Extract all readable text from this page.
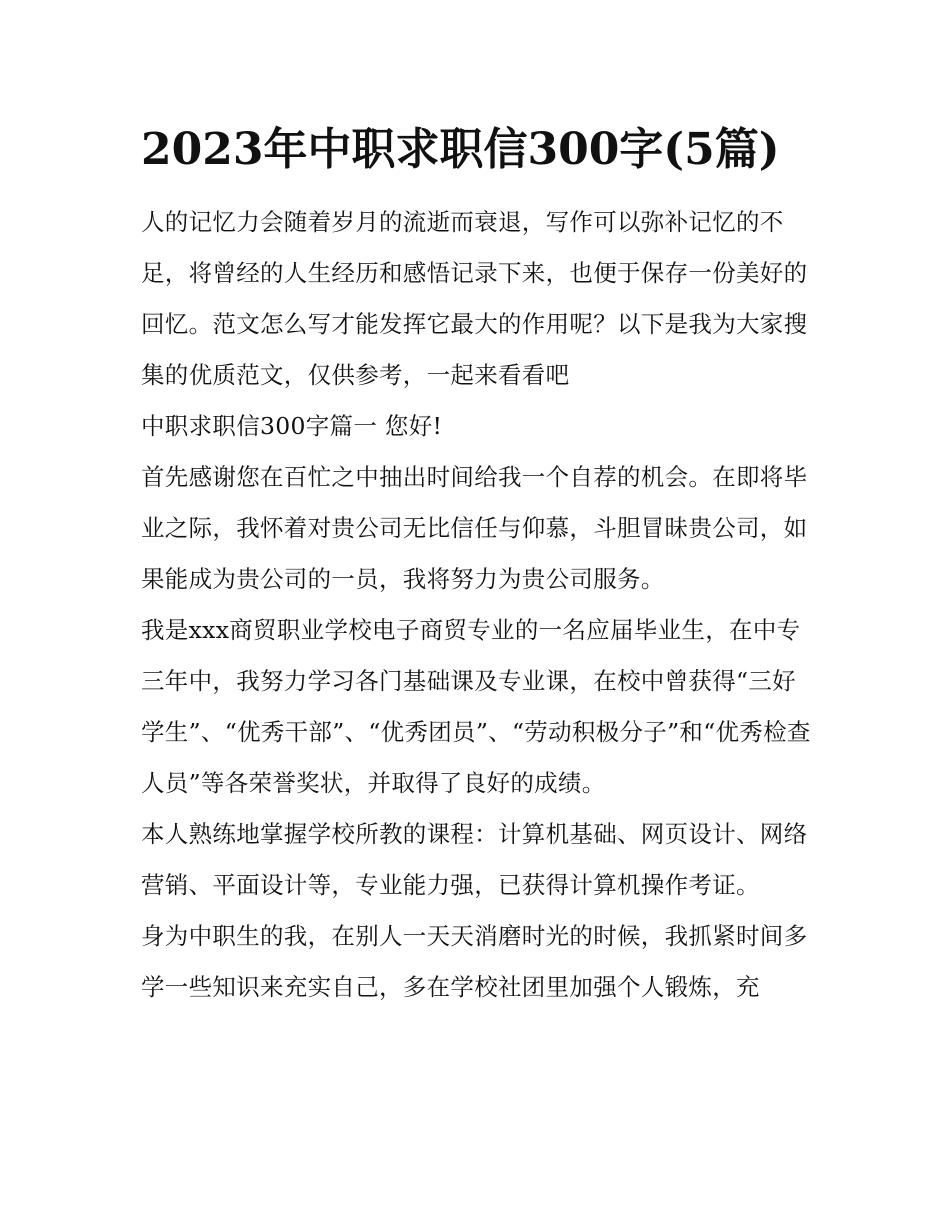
2023年中职求职信300字(5篇)

人的记忆力会随着岁月的流逝而衰退，写作可以弥补记忆的不足，将曾经的人生经历和感悟记录下来，也便于保存一份美好的回忆。范文怎么写才能发挥它最大的作用呢？以下是我为大家搜集的优质范文，仅供参考，一起来看看吧

中职求职信300字篇一 您好!

首先感谢您在百忙之中抽出时间给我一个自荐的机会。在即将毕业之际，我怀着对贵公司无比信任与仰慕，斗胆冒昧贵公司，如果能成为贵公司的一员，我将努力为贵公司服务。

我是xxx商贸职业学校电子商贸专业的一名应届毕业生，在中专三年中，我努力学习各门基础课及专业课，在校中曾获得“三好学生”、“优秀干部”、“优秀团员”、“劳动积极分子”和“优秀检查人员”等各荣誉奖状，并取得了良好的成绩。

本人熟练地掌握学校所教的课程：计算机基础、网页设计、网络营销、平面设计等，专业能力强，已获得计算机操作考证。

身为中职生的我，在别人一天天消磨时光的时候，我抓紧时间多学一些知识来充实自己，多在学校社团里加强个人锻炼，充
